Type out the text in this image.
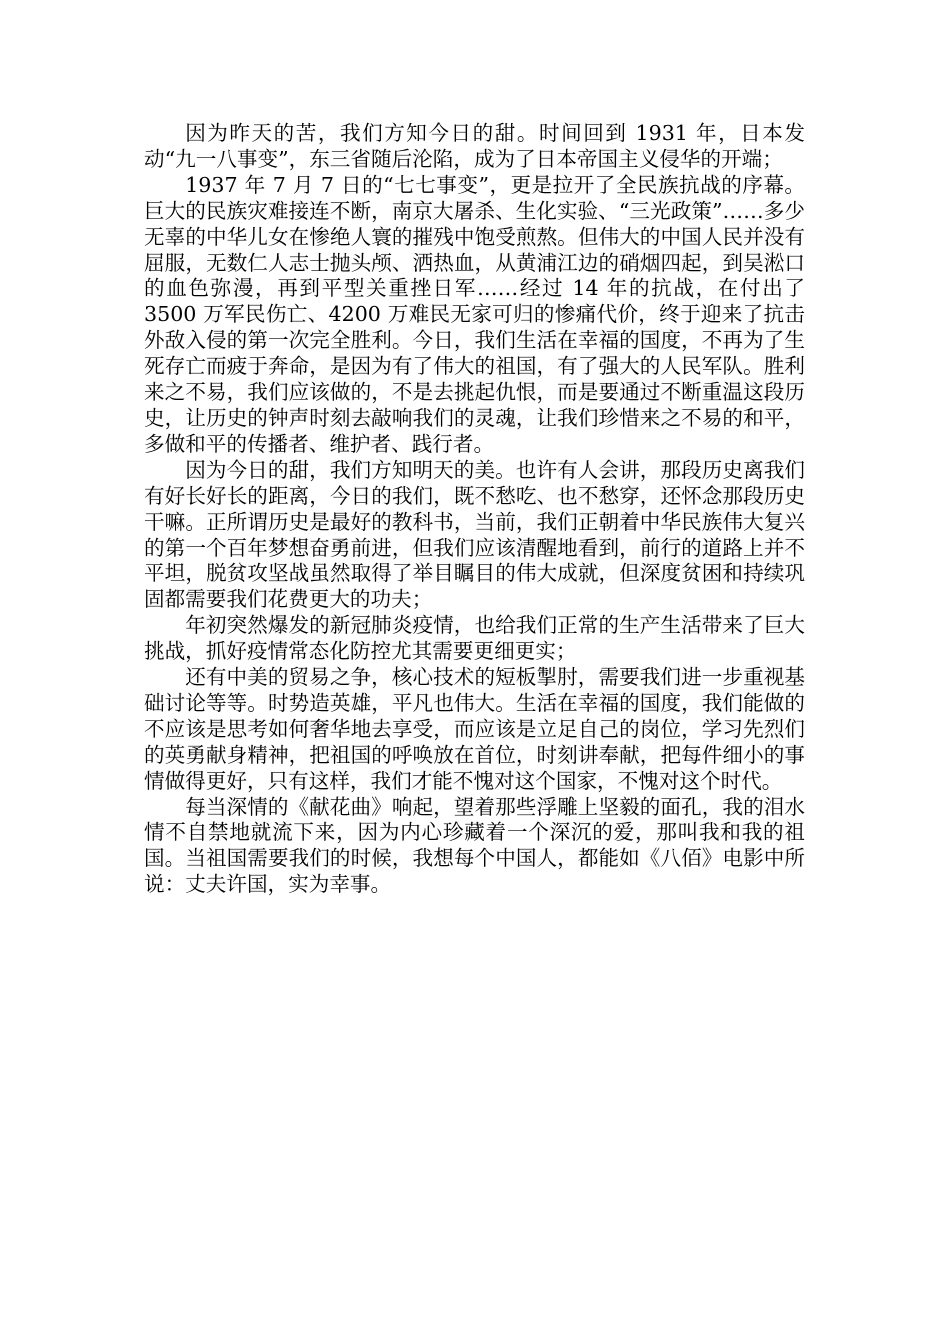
因为昨天的苦，我们方知今日的甜。时间回到 1931 年，日本发动“九一八事变”，东三省随后沦陷，成为了日本帝国主义侵华的开端；

1937 年 7 月 7 日的“七七事变”，更是拉开了全民族抗战的序幕。巨大的民族灾难接连不断，南京大屠杀、生化实验、“三光政策”……多少无辜的中华儿女在惨绝人寰的摧残中饱受煎熬。但伟大的中国人民并没有屈服，无数仁人志士抛头颅、洒热血，从黄浦江边的硝烟四起，到吴淞口的血色弥漫，再到平型关重挫日军……经过 14 年的抗战，在付出了 3500 万军民伤亡、4200 万难民无家可归的惨痛代价，终于迎来了抗击外敌入侵的第一次完全胜利。今日，我们生活在幸福的国度，不再为了生死存亡而疲于奔命，是因为有了伟大的祖国，有了强大的人民军队。胜利来之不易，我们应该做的，不是去挑起仇恨，而是要通过不断重温这段历史，让历史的钟声时刻去敲响我们的灵魂，让我们珍惜来之不易的和平，多做和平的传播者、维护者、践行者。

因为今日的甜，我们方知明天的美。也许有人会讲，那段历史离我们有好长好长的距离，今日的我们，既不愁吃、也不愁穿，还怀念那段历史干嘛。正所谓历史是最好的教科书，当前，我们正朝着中华民族伟大复兴的第一个百年梦想奋勇前进，但我们应该清醒地看到，前行的道路上并不平坦，脱贫攻坚战虽然取得了举目瞩目的伟大成就，但深度贫困和持续巩固都需要我们花费更大的功夫；

年初突然爆发的新冠肺炎疫情，也给我们正常的生产生活带来了巨大挑战，抓好疫情常态化防控尤其需要更细更实；

还有中美的贸易之争，核心技术的短板掣肘，需要我们进一步重视基础讨论等等。时势造英雄，平凡也伟大。生活在幸福的国度，我们能做的不应该是思考如何奢华地去享受，而应该是立足自己的岗位，学习先烈们的英勇献身精神，把祖国的呼唤放在首位，时刻讲奉献，把每件细小的事情做得更好，只有这样，我们才能不愧对这个国家，不愧对这个时代。

每当深情的《献花曲》响起，望着那些浮雕上坚毅的面孔，我的泪水情不自禁地就流下来，因为内心珍藏着一个深沉的爱，那叫我和我的祖国。当祖国需要我们的时候，我想每个中国人，都能如《八佰》电影中所说：丈夫许国，实为幸事。
